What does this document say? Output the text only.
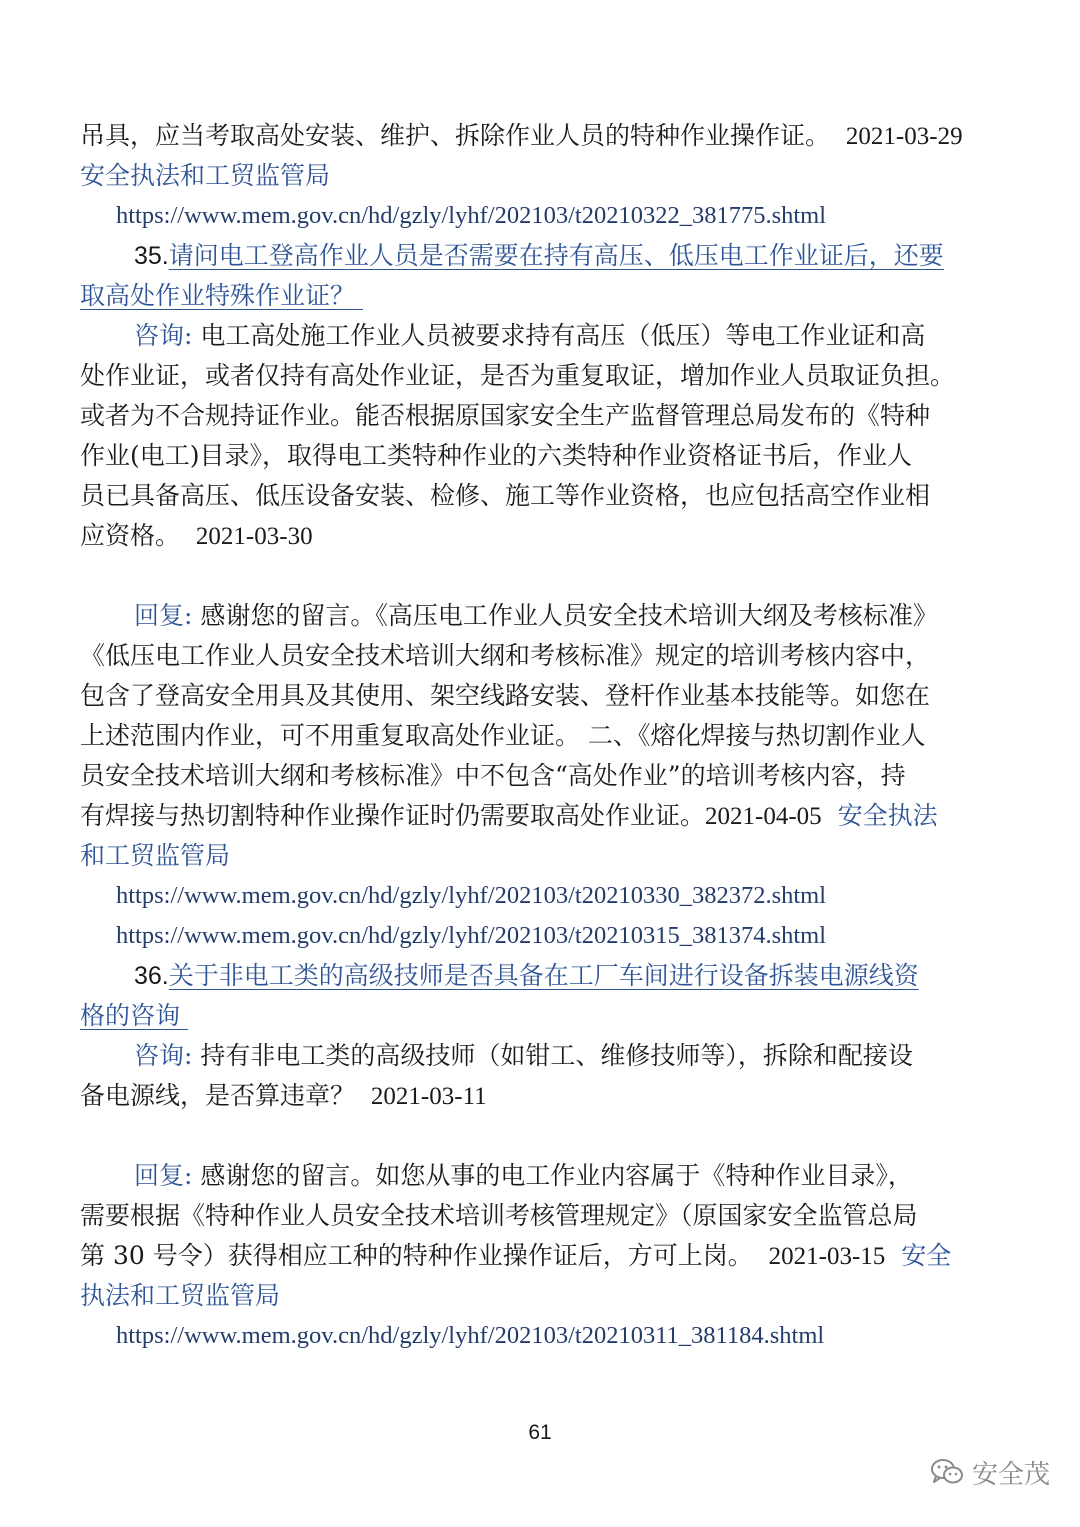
吊具，应当考取高处安装、维护、拆除作业人员的特种作业操作证。 2021-03-29
安全执法和工贸监管局
https://www.mem.gov.cn/hd/gzly/lyhf/202103/t20210322_381775.shtml
35.请问电工登高作业人员是否需要在持有高压、低压电工作业证后，还要
取高处作业特殊作业证？
咨询: 电工高处施工作业人员被要求持有高压（低压）等电工作业证和高
处作业证，或者仅持有高处作业证，是否为重复取证，增加作业人员取证负担。
或者为不合规持证作业。能否根据原国家安全生产监督管理总局发布的《特种
作业(电工)目录》，取得电工类特种作业的六类特种作业资格证书后，作业人
员已具备高压、低压设备安装、检修、施工等作业资格，也应包括高空作业相
应资格。 2021-03-30
回复: 感谢您的留言。《高压电工作业人员安全技术培训大纲及考核标准》
《低压电工作业人员安全技术培训大纲和考核标准》规定的培训考核内容中，
包含了登高安全用具及其使用、架空线路安装、登杆作业基本技能等。如您在
上述范围内作业，可不用重复取高处作业证。 二、《熔化焊接与热切割作业人
员安全技术培训大纲和考核标准》中不包含“高处作业”的培训考核内容，持
有焊接与热切割特种作业操作证时仍需要取高处作业证。2021-04-05 安全执法
和工贸监管局
https://www.mem.gov.cn/hd/gzly/lyhf/202103/t20210330_382372.shtml
https://www.mem.gov.cn/hd/gzly/lyhf/202103/t20210315_381374.shtml
36.关于非电工类的高级技师是否具备在工厂车间进行设备拆装电源线资
格的咨询
咨询: 持有非电工类的高级技师（如钳工、维修技师等），拆除和配接设
备电源线，是否算违章？ 2021-03-11
回复: 感谢您的留言。如您从事的电工作业内容属于《特种作业目录》，
需要根据《特种作业人员安全技术培训考核管理规定》（原国家安全监管总局
第 30 号令）获得相应工种的特种作业操作证后，方可上岗。 2021-03-15 安全
执法和工贸监管局
https://www.mem.gov.cn/hd/gzly/lyhf/202103/t20210311_381184.shtml
61
安全茂
